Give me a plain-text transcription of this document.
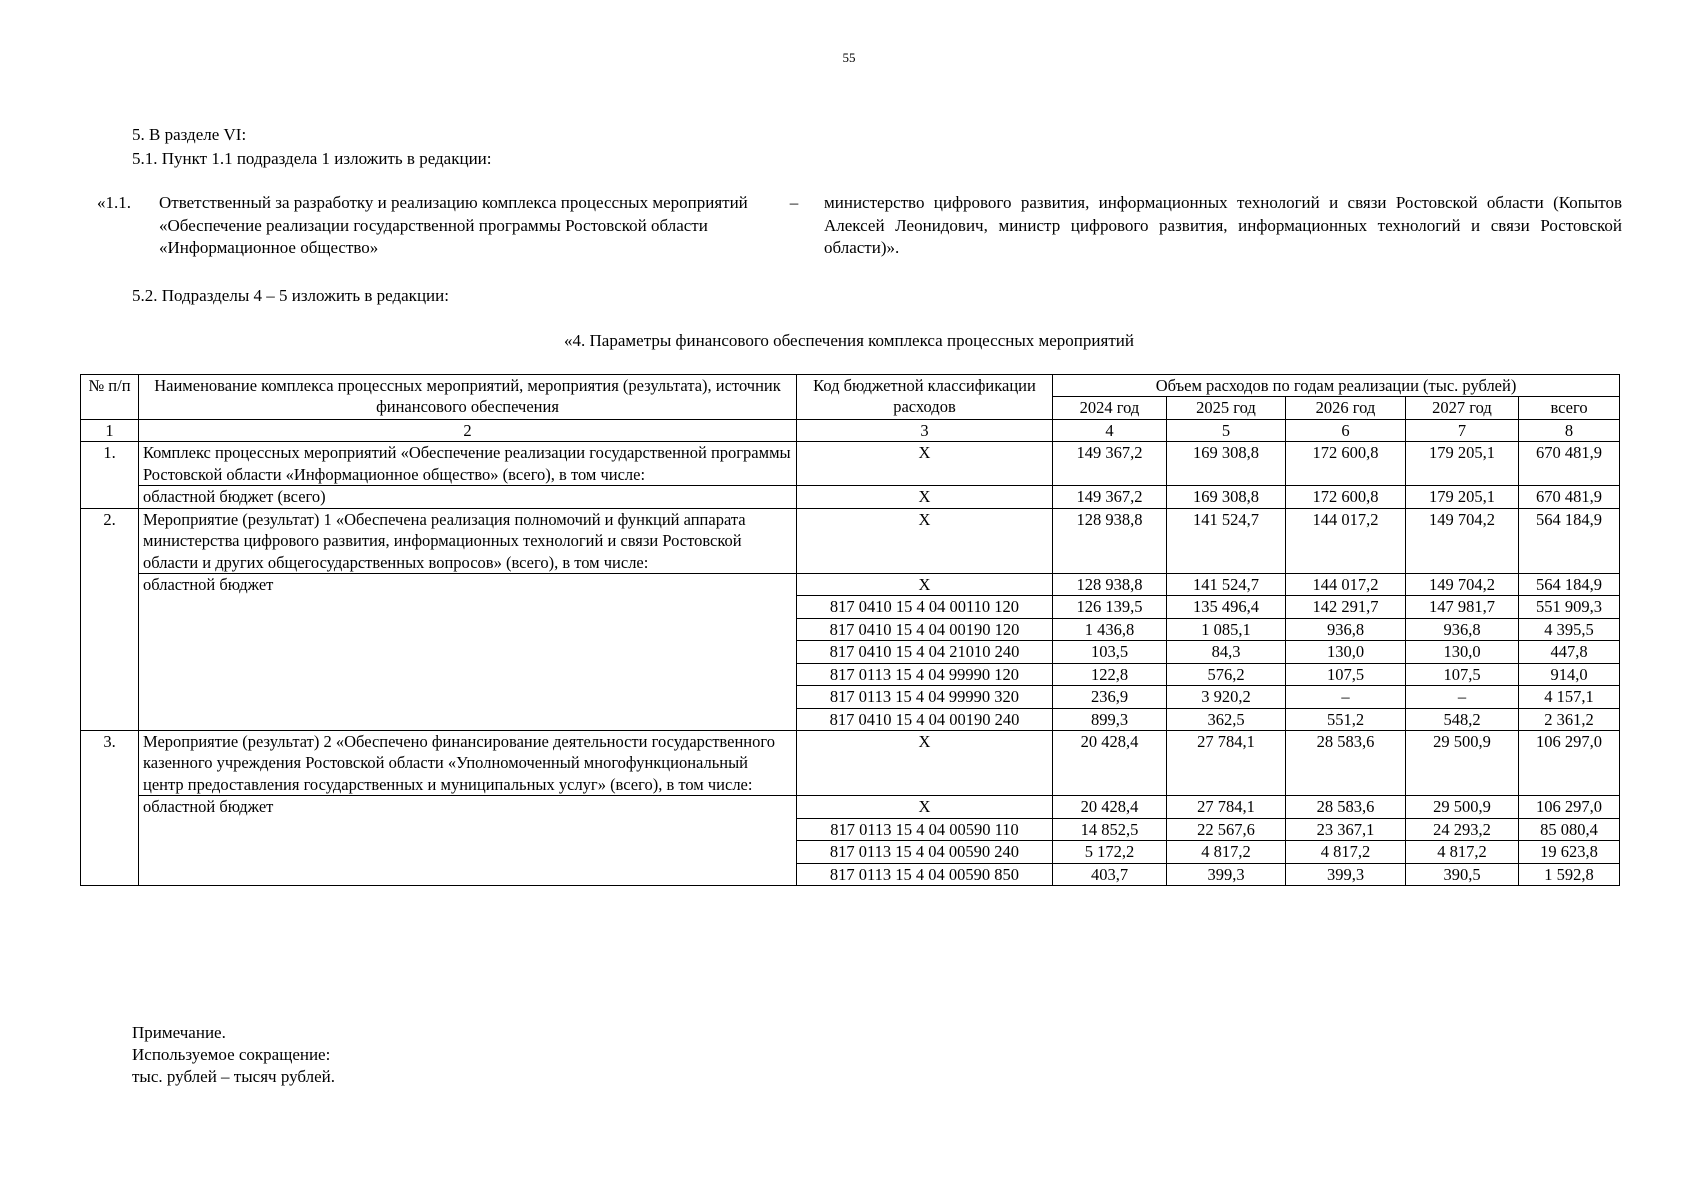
55
5. В разделе VI:
5.1. Пункт 1.1 подраздела 1 изложить в редакции:
«1.1.	Ответственный за разработку и реализацию комплекса процессных мероприятий «Обеспечение реализации государственной программы Ростовской области «Информационное общество»
–	министерство цифрового развития, информационных технологий и связи Ростовской области (Копытов Алексей Леонидович, министр цифрового развития, информационных технологий и связи Ростовской области)».
5.2. Подразделы 4 – 5 изложить в редакции:
«4. Параметры финансового обеспечения комплекса процессных мероприятий
№ п/п	Наименование комплекса процессных мероприятий, мероприятия (результата), источник финансового обеспечения	Код бюджетной классификации расходов	Объем расходов по годам реализации (тыс. рублей)				
			2024 год	2025 год	2026 год	2027 год	всего
1	2	3	4	5	6	7	8
1.	Комплекс процессных мероприятий «Обеспечение реализации государственной программы Ростовской области «Информационное общество» (всего), в том числе:	X	149 367,2	169 308,8	172 600,8	179 205,1	670 481,9
	областной бюджет (всего)	X	149 367,2	169 308,8	172 600,8	179 205,1	670 481,9
2.	Мероприятие (результат) 1 «Обеспечена реализация полномочий и функций аппарата министерства цифрового развития, информационных технологий и связи Ростовской области и других общегосударственных вопросов» (всего), в том числе:	X	128 938,8	141 524,7	144 017,2	149 704,2	564 184,9
	областной бюджет	X	128 938,8	141 524,7	144 017,2	149 704,2	564 184,9
		817 0410 15 4 04 00110 120	126 139,5	135 496,4	142 291,7	147 981,7	551 909,3
		817 0410 15 4 04 00190 120	1 436,8	1 085,1	936,8	936,8	4 395,5
		817 0410 15 4 04 21010 240	103,5	84,3	130,0	130,0	447,8
		817 0113 15 4 04 99990 120	122,8	576,2	107,5	107,5	914,0
		817 0113 15 4 04 99990 320	236,9	3 920,2	–	–	4 157,1
		817 0410 15 4 04 00190 240	899,3	362,5	551,2	548,2	2 361,2
3.	Мероприятие (результат) 2 «Обеспечено финансирование деятельности государственного казенного учреждения Ростовской области «Уполномоченный многофункциональный центр предоставления государственных и муниципальных услуг» (всего), в том числе:	X	20 428,4	27 784,1	28 583,6	29 500,9	106 297,0
	областной бюджет	X	20 428,4	27 784,1	28 583,6	29 500,9	106 297,0
		817 0113 15 4 04 00590 110	14 852,5	22 567,6	23 367,1	24 293,2	85 080,4
		817 0113 15 4 04 00590 240	5 172,2	4 817,2	4 817,2	4 817,2	19 623,8
		817 0113 15 4 04 00590 850	403,7	399,3	399,3	390,5	1 592,8
Примечание.
Используемое сокращение:
тыс. рублей – тысяч рублей.
